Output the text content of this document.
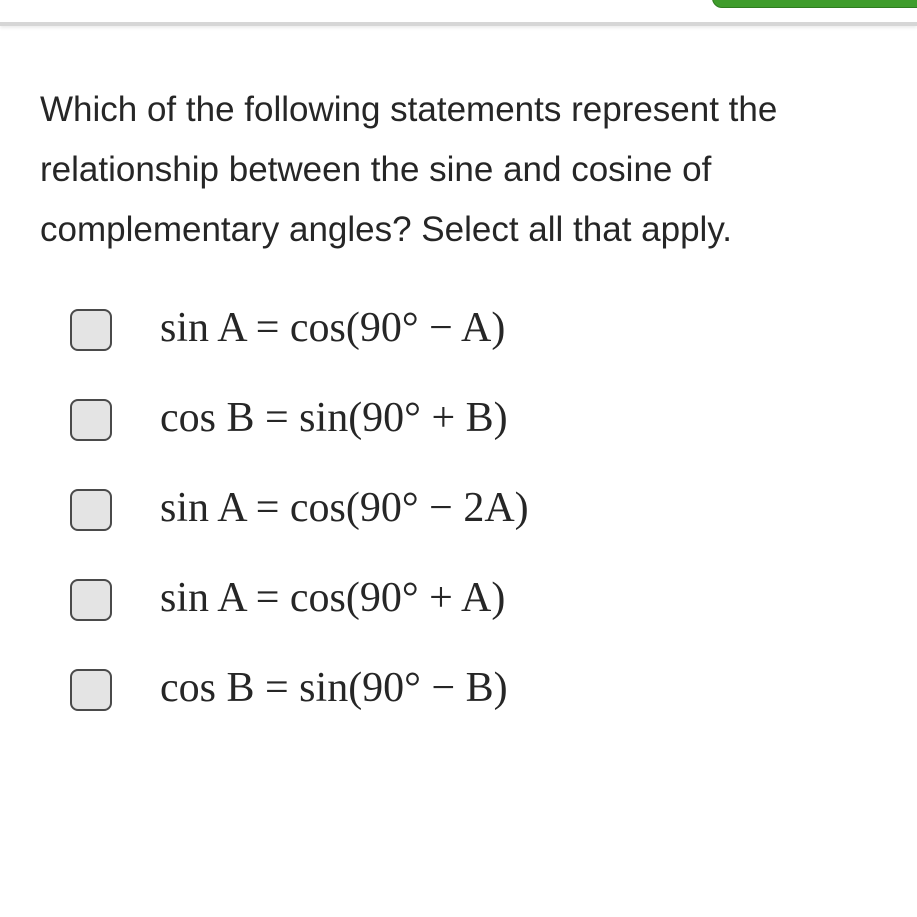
Which of the following statements represent the relationship between the sine and cosine of complementary angles? Select all that apply.

sin A = cos(90° − A)
cos B = sin(90° + B)
sin A = cos(90° − 2A)
sin A = cos(90° + A)
cos B = sin(90° − B)
